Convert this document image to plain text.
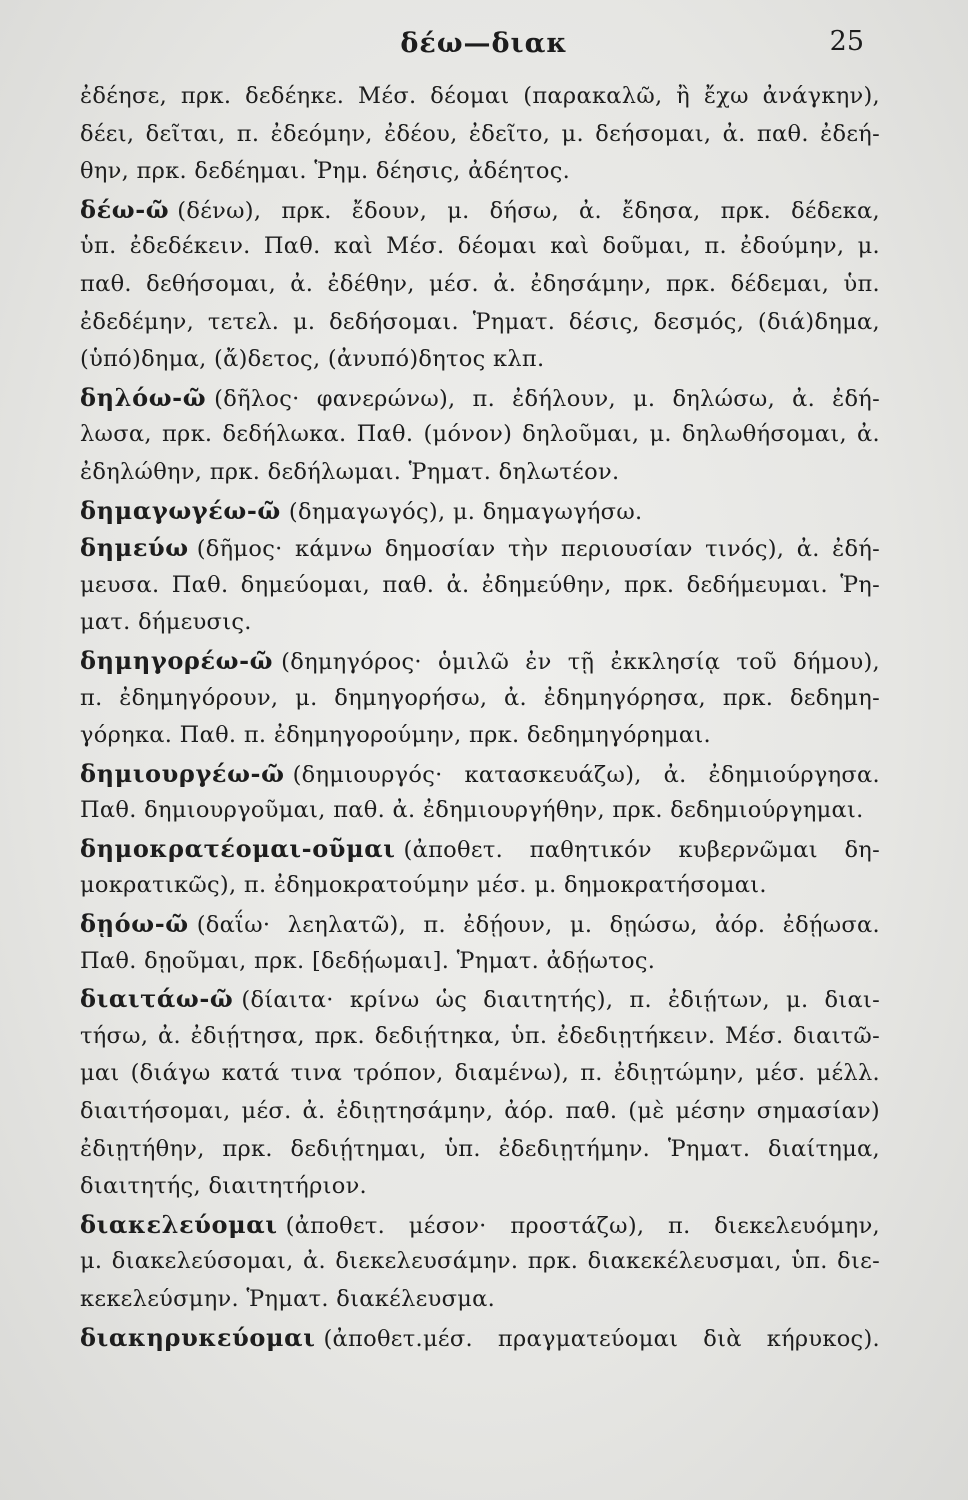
δέω—διακ	25
ἐδέησε, πρκ. δεδέηκε. Μέσ. δέομαι (παρακαλῶ, ἢ ἔχω ἀνάγκην),
δέει, δεῖται, π. ἐδεόμην, ἐδέου, ἐδεῖτο, μ. δεήσομαι, ἀ. παθ. ἐδεή-
θην, πρκ. δεδέημαι. Ῥημ. δέησις, ἀδέητος.
δέω-ῶ (δένω), πρκ. ἔδουν, μ. δήσω, ἀ. ἔδησα, πρκ. δέδεκα,
ὑπ. ἐδεδέκειν. Παθ. καὶ Μέσ. δέομαι καὶ δοῦμαι, π. ἐδούμην, μ.
παθ. δεθήσομαι, ἀ. ἐδέθην, μέσ. ἀ. ἐδησάμην, πρκ. δέδεμαι, ὑπ.
ἐδεδέμην, τετελ. μ. δεδήσομαι. Ῥηματ. δέσις, δεσμός, (διά)δημα,
(ὑπό)δημα, (ἄ)δετος, (ἀνυπό)δητος κλπ.
δηλόω-ῶ (δῆλος· φανερώνω), π. ἐδήλουν, μ. δηλώσω, ἀ. ἐδή-
λωσα, πρκ. δεδήλωκα. Παθ. (μόνον) δηλοῦμαι, μ. δηλωθήσομαι, ἀ.
ἐδηλώθην, πρκ. δεδήλωμαι. Ῥηματ. δηλωτέον.
δημαγωγέω-ῶ (δημαγωγός), μ. δημαγωγήσω.
δημεύω (δῆμος· κάμνω δημοσίαν τὴν περιουσίαν τινός), ἀ. ἐδή-
μευσα. Παθ. δημεύομαι, παθ. ἀ. ἐδημεύθην, πρκ. δεδήμευμαι. Ῥη-
ματ. δήμευσις.
δημηγορέω-ῶ (δημηγόρος· ὁμιλῶ ἐν τῇ ἐκκλησίᾳ τοῦ δήμου),
π. ἐδημηγόρουν, μ. δημηγορήσω, ἀ. ἐδημηγόρησα, πρκ. δεδημη-
γόρηκα. Παθ. π. ἐδημηγορούμην, πρκ. δεδημηγόρημαι.
δημιουργέω-ῶ (δημιουργός· κατασκευάζω), ἀ. ἐδημιούργησα.
Παθ. δημιουργοῦμαι, παθ. ἀ. ἐδημιουργήθην, πρκ. δεδημιούργημαι.
δημοκρατέομαι-οῦμαι (ἀποθετ. παθητικόν κυβερνῶμαι δη-
μοκρατικῶς), π. ἐδημοκρατούμην μέσ. μ. δημοκρατήσομαι.
δῃόω-ῶ (δαΐω· λεηλατῶ), π. ἐδῄουν, μ. δῃώσω, ἀόρ. ἐδῄωσα.
Παθ. δῃοῦμαι, πρκ. [δεδῄωμαι]. Ῥηματ. ἀδῄωτος.
διαιτάω-ῶ (δίαιτα· κρίνω ὡς διαιτητής), π. ἐδιῄτων, μ. διαι-
τήσω, ἀ. ἐδιῄτησα, πρκ. δεδιῄτηκα, ὑπ. ἐδεδιῃτήκειν. Μέσ. διαιτῶ-
μαι (διάγω κατά τινα τρόπον, διαμένω), π. ἐδιῃτώμην, μέσ. μέλλ.
διαιτήσομαι, μέσ. ἀ. ἐδιῃτησάμην, ἀόρ. παθ. (μὲ μέσην σημασίαν)
ἐδιῃτήθην, πρκ. δεδιῄτημαι, ὑπ. ἐδεδιῃτήμην. Ῥηματ. διαίτημα,
διαιτητής, διαιτητήριον.
διακελεύομαι (ἀποθετ. μέσον· προστάζω), π. διεκελευόμην,
μ. διακελεύσομαι, ἀ. διεκελευσάμην. πρκ. διακεκέλευσμαι, ὑπ. διε-
κεκελεύσμην. Ῥηματ. διακέλευσμα.
διακηρυκεύομαι (ἀποθετ.μέσ. πραγματεύομαι διὰ κήρυκος).
